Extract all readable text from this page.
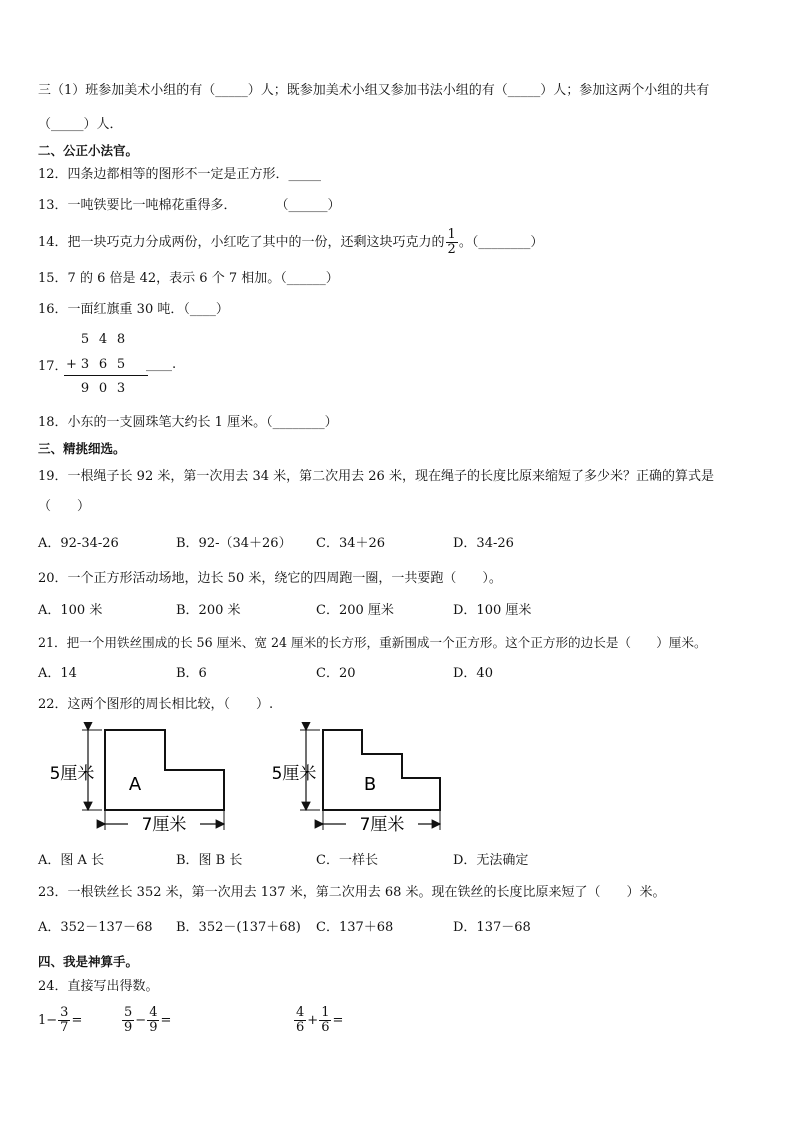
三（1）班参加美术小组的有（_____）人；既参加美术小组又参加书法小组的有（_____）人；参加这两个小组的共有
（_____）人．
二、公正小法官。
12．四条边都相等的图形不一定是正方形．_____
13．一吨铁要比一吨棉花重得多．　　　　（______）
14．把一块巧克力分成两份，小红吃了其中的一份，还剩这块巧克力的 $\frac{1}{2}$ 。（________）
15．7 的 6 倍是 42，表示 6 个 7 相加。（______）
16．一面红旗重 30 吨．（____）
17．
5 4 8
+ 3 6 5	____.
9 0 3
18．小东的一支圆珠笔大约长 1 厘米。（________）
三、精挑细选。
19．一根绳子长 92 米，第一次用去 34 米，第二次用去 26 米，现在绳子的长度比原来缩短了多少米？正确的算式是
（　　）
A．92-34-26	B．92-（34＋26） C．34＋26	D．34-26
20．一个正方形活动场地，边长 50 米，绕它的四周跑一圈，一共要跑（　　）。
A．100 米	B．200 米	C．200 厘米	D．100 厘米
21．把一个用铁丝围成的长 56 厘米、宽 24 厘米的长方形，重新围成一个正方形。这个正方形的边长是（　　）厘米。
A．14	B．6	C．20	D．40
22．这两个图形的周长相比较，（　　）.
A
5厘米
7厘米
B
5厘米
7厘米
A．图 A 长	B．图 B 长	C．一样长	D．无法确定
23．一根铁丝长 352 米，第一次用去 137 米，第二次用去 68 米。现在铁丝的长度比原来短了（　　）米。
A．352－137－68 B．352－(137＋68) C．137＋68	D．137－68
四、我是神算手。
24．直接写出得数。
$1- \frac{3}{7}$ =	$\frac{5}{9} - \frac{4}{9}$ =	$\frac{4}{6} + \frac{1}{6}$ =
